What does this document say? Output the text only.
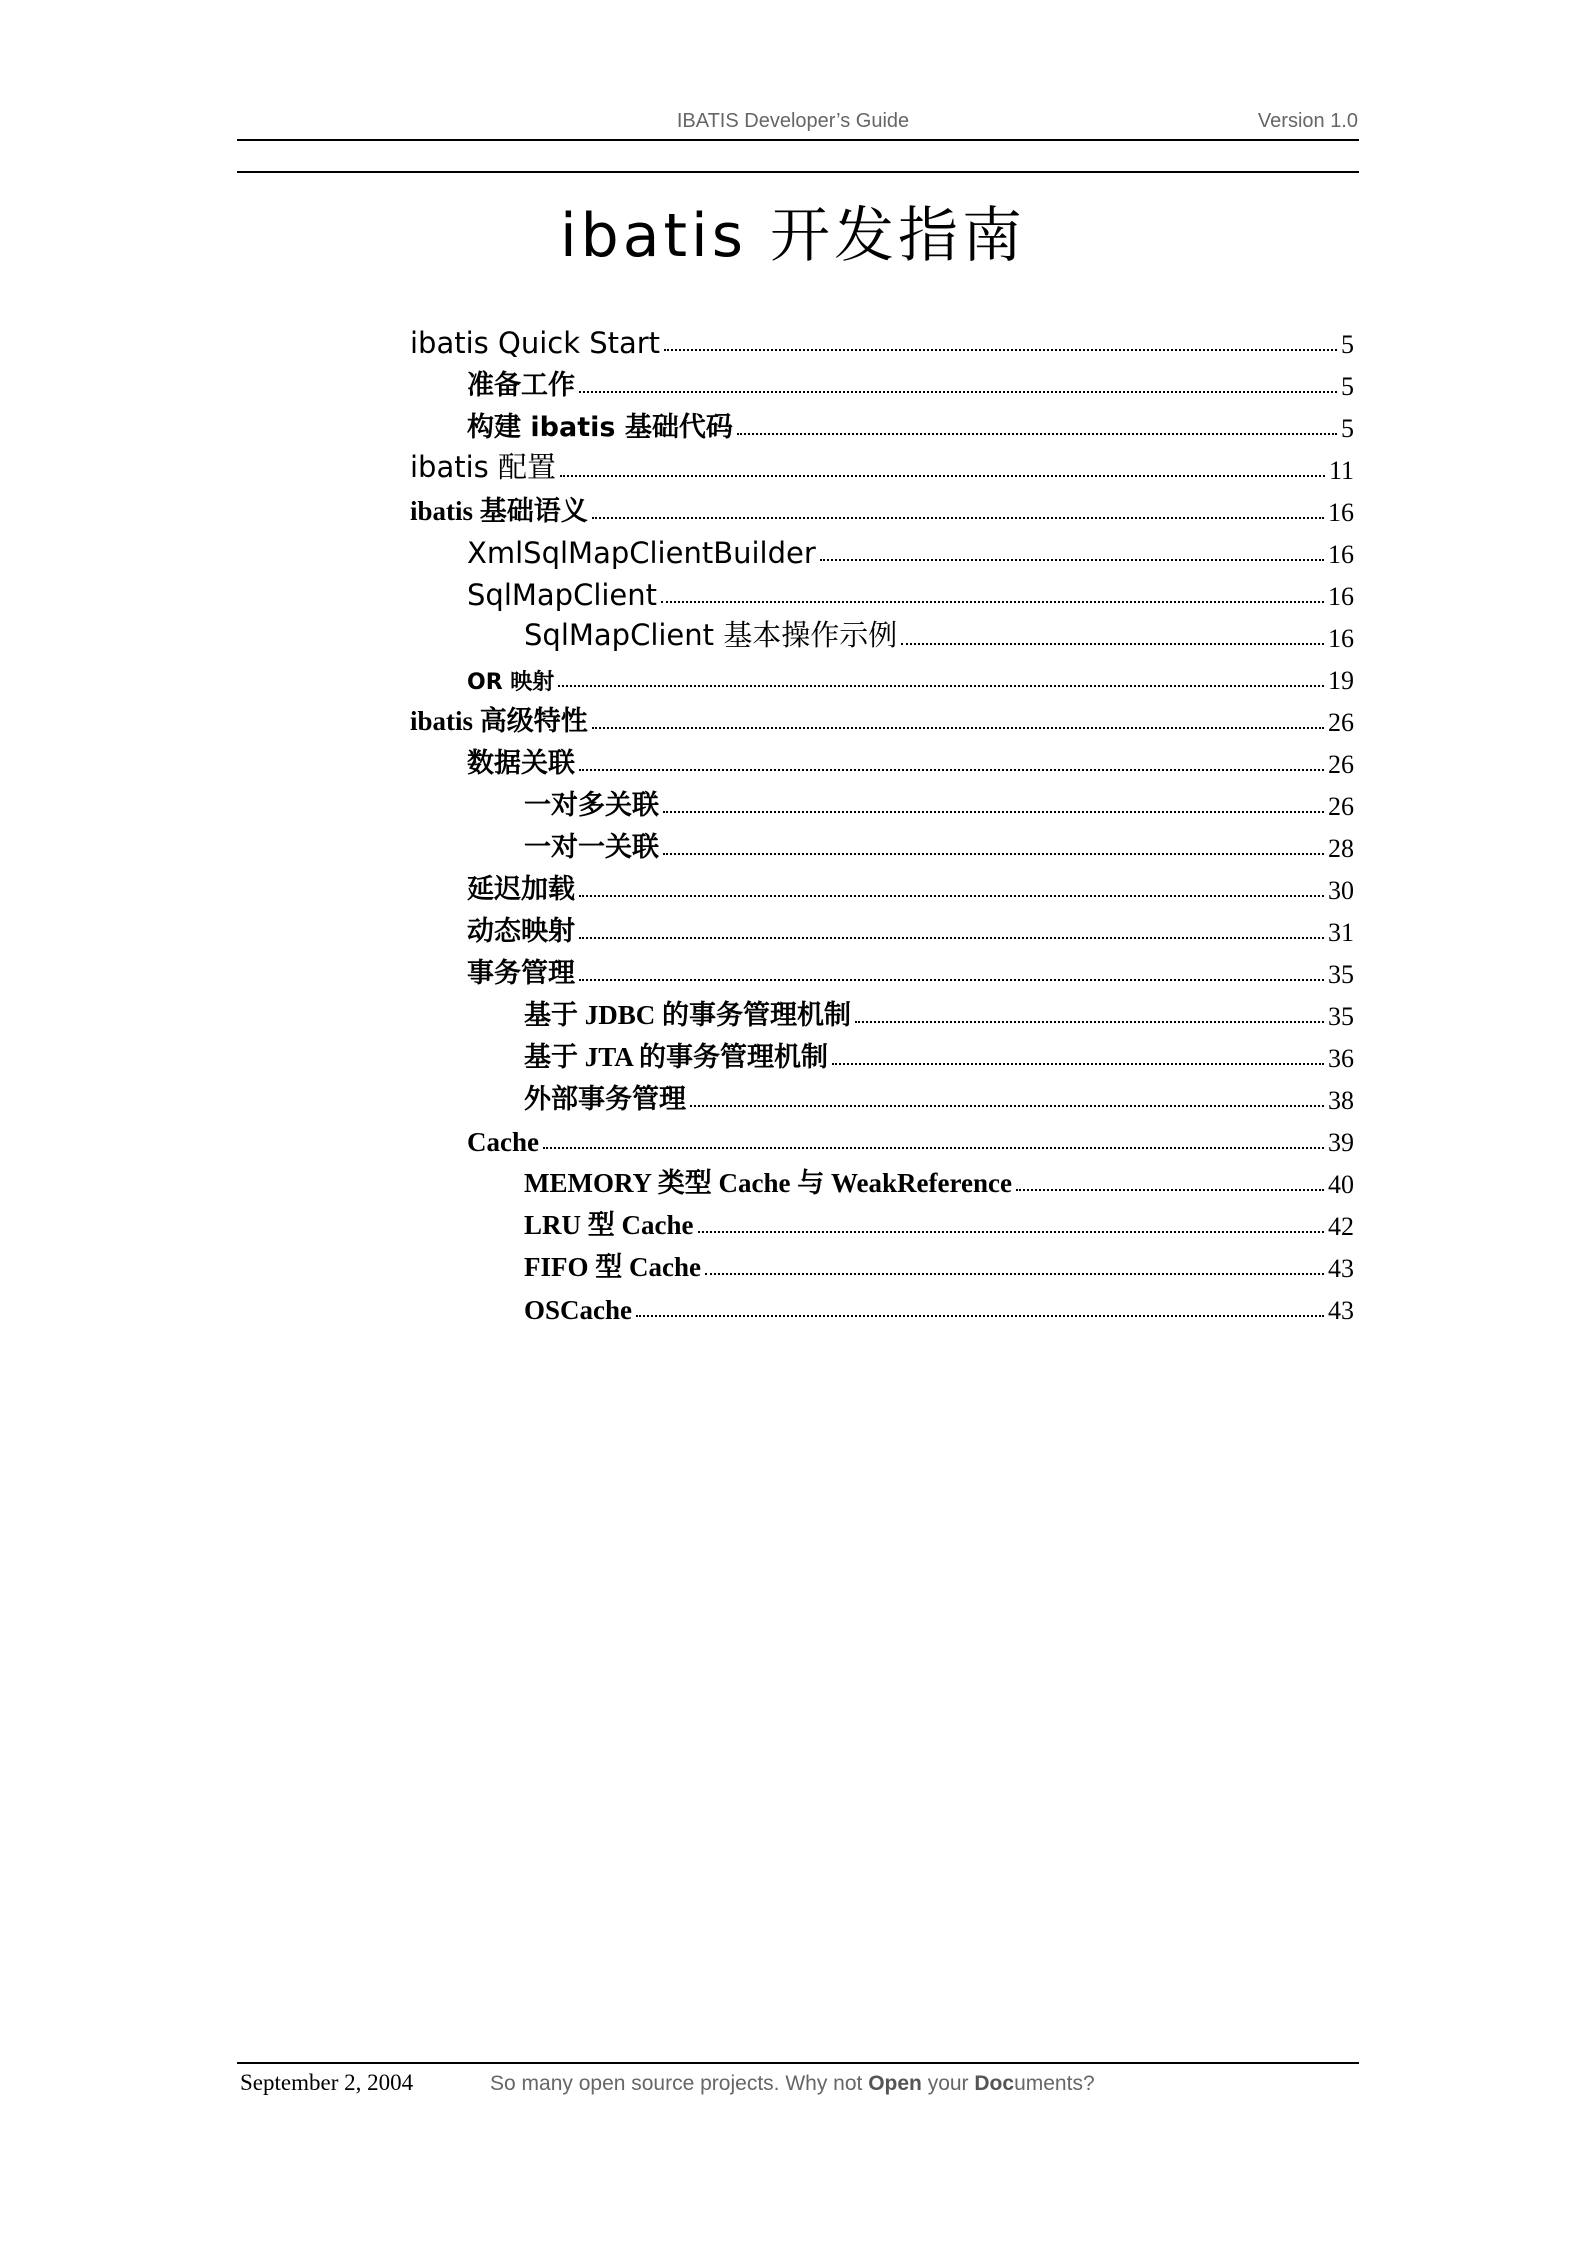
IBATIS Developer’s Guide	Version 1.0
ibatis 开发指南
ibatis Quick Start	5
准备工作	5
构建 ibatis 基础代码	5
ibatis 配置	11
ibatis 基础语义	16
XmlSqlMapClientBuilder	16
SqlMapClient	16
SqlMapClient 基本操作示例	16
OR 映射	19
ibatis 高级特性	26
数据关联	26
一对多关联	26
一对一关联	28
延迟加载	30
动态映射	31
事务管理	35
基于 JDBC 的事务管理机制	35
基于 JTA 的事务管理机制	36
外部事务管理	38
Cache	39
MEMORY 类型 Cache 与 WeakReference	40
LRU 型 Cache	42
FIFO 型 Cache	43
OSCache	43
September 2, 2004	So many open source projects. Why not Open your Documents?
